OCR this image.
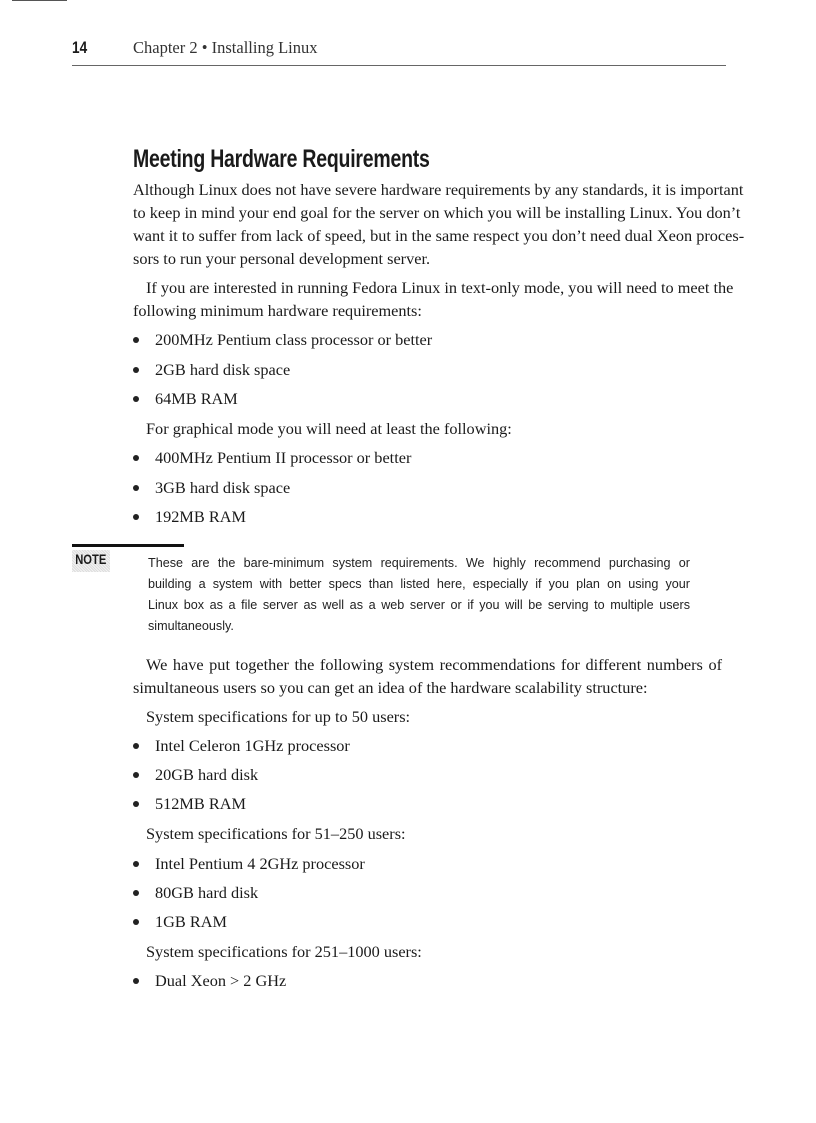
14	Chapter 2 • Installing Linux
Meeting Hardware Requirements
Although Linux does not have severe hardware requirements by any standards, it is important
to keep in mind your end goal for the server on which you will be installing Linux. You don’t
want it to suffer from lack of speed, but in the same respect you don’t need dual Xeon proces-
sors to run your personal development server.
If you are interested in running Fedora Linux in text-only mode, you will need to meet the
following minimum hardware requirements:
200MHz Pentium class processor or better
2GB hard disk space
64MB RAM
For graphical mode you will need at least the following:
400MHz Pentium II processor or better
3GB hard disk space
192MB RAM
NOTE	These are the bare-minimum system requirements. We highly recommend purchasing or
building a system with better specs than listed here, especially if you plan on using your
Linux box as a file server as well as a web server or if you will be serving to multiple users
simultaneously.
We have put together the following system recommendations for different numbers of
simultaneous users so you can get an idea of the hardware scalability structure:
System specifications for up to 50 users:
Intel Celeron 1GHz processor
20GB hard disk
512MB RAM
System specifications for 51–250 users:
Intel Pentium 4 2GHz processor
80GB hard disk
1GB RAM
System specifications for 251–1000 users:
Dual Xeon > 2 GHz
